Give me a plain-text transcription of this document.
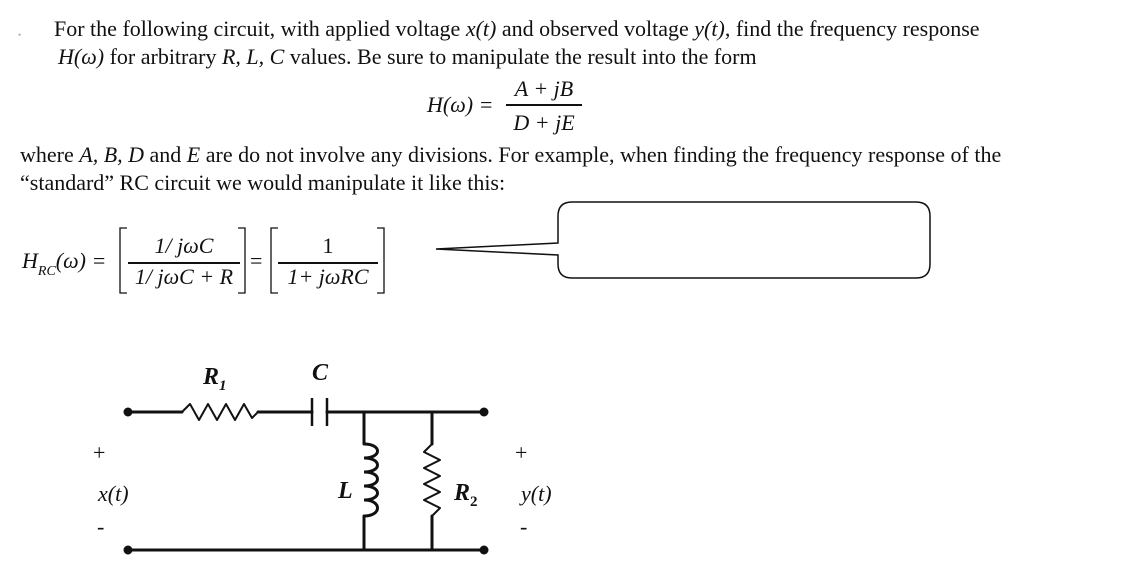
• For the following circuit, with applied voltage x(t) and observed voltage y(t), find the frequency response
H(ω) for arbitrary R, L, C values. Be sure to manipulate the result into the form
H(ω) =
A + jB
D + jE
where A, B, D and E are do not involve any divisions. For example, when finding the frequency response of the
“standard” RC circuit we would manipulate it like this:
$H_{RC}(\omega)$ =
1/ jωC
1/ jωC + R
=
1
1+ jωRC
$R_1$	C
L	$R_2$
+
x(t)
-
+
y(t)
-
